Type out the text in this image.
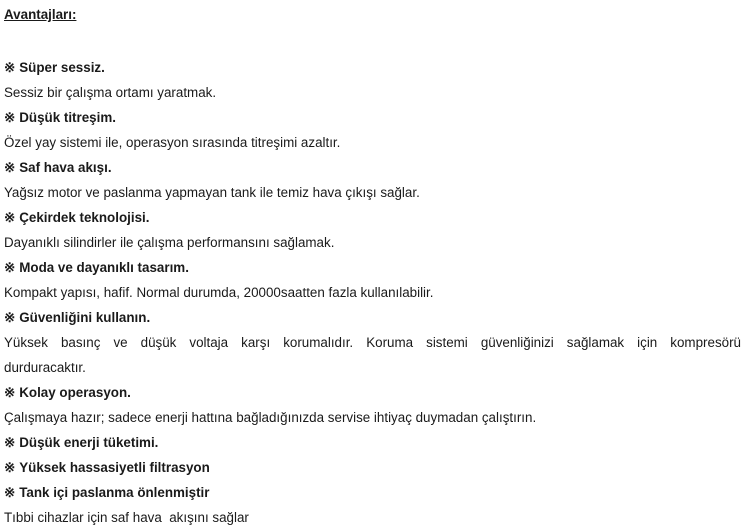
Avantajları:
※ Süper sessiz.
Sessiz bir çalışma ortamı yaratmak.
※ Düşük titreşim.
Özel yay sistemi ile, operasyon sırasında titreşimi azaltır.
※ Saf hava akışı.
Yağsız motor ve paslanma yapmayan tank ile temiz hava çıkışı sağlar.
※ Çekirdek teknolojisi.
Dayanıklı silindirler ile çalışma performansını sağlamak.
※ Moda ve dayanıklı tasarım.
Kompakt yapısı, hafif. Normal durumda, 20000saatten fazla kullanılabilir.
※ Güvenliğini kullanın.
Yüksek basınç ve düşük voltaja karşı korumalıdır. Koruma sistemi güvenliğinizi sağlamak için kompresörü
durduracaktır.
※ Kolay operasyon.
Çalışmaya hazır; sadece enerji hattına bağladığınızda servise ihtiyaç duymadan çalıştırın.
※ Düşük enerji tüketimi.
※ Yüksek hassasiyetli filtrasyon
※ Tank içi paslanma önlenmiştir
Tıbbi cihazlar için saf hava  akışını sağlar
